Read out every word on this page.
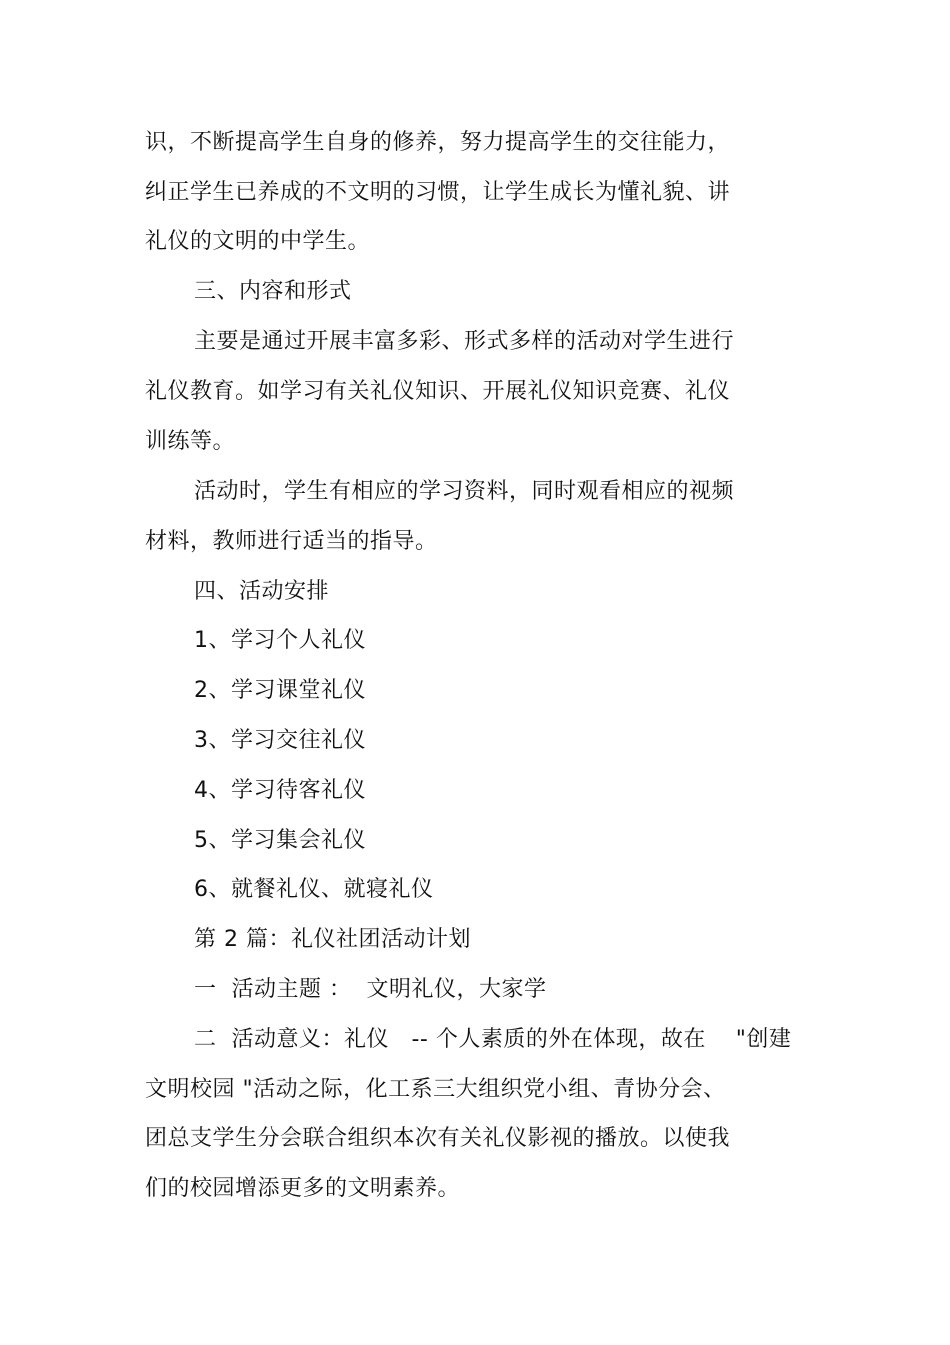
识，不断提高学生自身的修养，努力提高学生的交往能力，
纠正学生已养成的不文明的习惯，让学生成长为懂礼貌、讲
礼仪的文明的中学生。
三、内容和形式
主要是通过开展丰富多彩、形式多样的活动对学生进行
礼仪教育。如学习有关礼仪知识、开展礼仪知识竞赛、礼仪
训练等。
活动时，学生有相应的学习资料，同时观看相应的视频
材料，教师进行适当的指导。
四、活动安排
1、学习个人礼仪
2、学习课堂礼仪
3、学习交往礼仪
4、学习待客礼仪
5、学习集会礼仪
6、就餐礼仪、就寝礼仪
第 2 篇：礼仪社团活动计划
一  活动主题 ：  文明礼仪，大家学
二  活动意义：礼仪   -- 个人素质的外在体现，故在    "创建
文明校园 "活动之际，化工系三大组织党小组、青协分会、
团总支学生分会联合组织本次有关礼仪影视的播放。以使我
们的校园增添更多的文明素养。
